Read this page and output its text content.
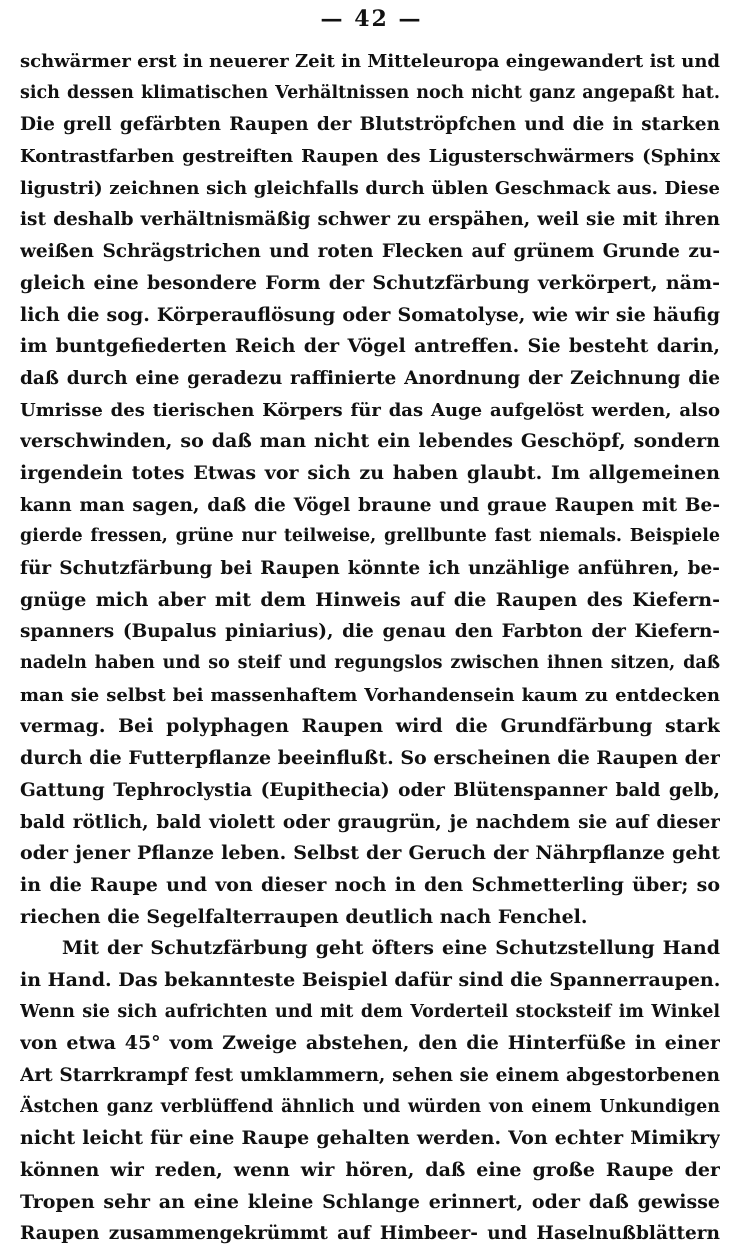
— 42 —
schwärmer erst in neuerer Zeit in Mitteleuropa eingewandert ist und
sich dessen klimatischen Verhältnissen noch nicht ganz angepaßt hat.
Die grell gefärbten Raupen der Blutströpfchen und die in starken
Kontrastfarben gestreiften Raupen des Ligusterschwärmers (Sphinx
ligustri) zeichnen sich gleichfalls durch üblen Geschmack aus. Diese
ist deshalb verhältnismäßig schwer zu erspähen, weil sie mit ihren
weißen Schrägstrichen und roten Flecken auf grünem Grunde zu-
gleich eine besondere Form der Schutzfärbung verkörpert, näm-
lich die sog. Körperauflösung oder Somatolyse, wie wir sie häufig
im buntgefiederten Reich der Vögel antreffen. Sie besteht darin,
daß durch eine geradezu raffinierte Anordnung der Zeichnung die
Umrisse des tierischen Körpers für das Auge aufgelöst werden, also
verschwinden, so daß man nicht ein lebendes Geschöpf, sondern
irgendein totes Etwas vor sich zu haben glaubt. Im allgemeinen
kann man sagen, daß die Vögel braune und graue Raupen mit Be-
gierde fressen, grüne nur teilweise, grellbunte fast niemals. Beispiele
für Schutzfärbung bei Raupen könnte ich unzählige anführen, be-
gnüge mich aber mit dem Hinweis auf die Raupen des Kiefern-
spanners (Bupalus piniarius), die genau den Farbton der Kiefern-
nadeln haben und so steif und regungslos zwischen ihnen sitzen, daß
man sie selbst bei massenhaftem Vorhandensein kaum zu entdecken
vermag. Bei polyphagen Raupen wird die Grundfärbung stark
durch die Futterpflanze beeinflußt. So erscheinen die Raupen der
Gattung Tephroclystia (Eupithecia) oder Blütenspanner bald gelb,
bald rötlich, bald violett oder graugrün, je nachdem sie auf dieser
oder jener Pflanze leben. Selbst der Geruch der Nährpflanze geht
in die Raupe und von dieser noch in den Schmetterling über; so
riechen die Segelfalterraupen deutlich nach Fenchel.
Mit der Schutzfärbung geht öfters eine Schutzstellung Hand
in Hand. Das bekannteste Beispiel dafür sind die Spannerraupen.
Wenn sie sich aufrichten und mit dem Vorderteil stocksteif im Winkel
von etwa 45° vom Zweige abstehen, den die Hinterfüße in einer
Art Starrkrampf fest umklammern, sehen sie einem abgestorbenen
Ästchen ganz verblüffend ähnlich und würden von einem Unkundigen
nicht leicht für eine Raupe gehalten werden. Von echter Mimikry
können wir reden, wenn wir hören, daß eine große Raupe der
Tropen sehr an eine kleine Schlange erinnert, oder daß gewisse
Raupen zusammengekrümmt auf Himbeer- und Haselnußblättern
